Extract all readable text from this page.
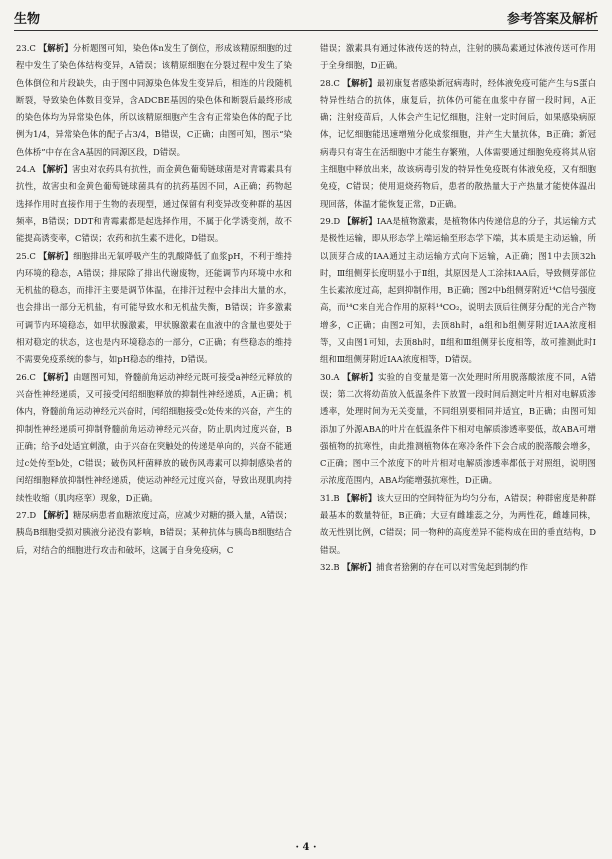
生物	参考答案及解析

23.C 【解析】分析题图可知，染色体n发生了倒位，形成该精原细胞的过程中发生了染色体结构变异，A错误；该精原细胞在分裂过程中发生了染色体倒位和片段缺失，由于图中同源染色体发生变异后，相连的片段随机断裂，导致染色体数目变异，含ADCBE基因的染色体和断裂后最终形成的染色体均为异常染色体，所以该精原细胞产生含有正常染色体的配子比例为1/4，异常染色体的配子占3/4，B错误，C正确；由图可知，图示“染色体桥”中存在含A基因的同源区段，D错误。

24.A 【解析】害虫对农药具有抗性，而金黄色葡萄链球菌是对青霉素具有抗性，故害虫和金黄色葡萄链球菌具有的抗药基因不同，A正确；药物起选择作用时直接作用于生物的表现型，通过保留有利变异改变种群的基因频率，B错误；DDT和青霉素都是起选择作用，不属于化学诱变剂，故不能提高诱变率，C错误；农药和抗生素不进化，D错误。

25.C 【解析】细胞排出无氧呼吸产生的乳酸降低了血浆pH，不利于维持内环境的稳态，A错误；排尿除了排出代谢废物，还能调节内环境中水和无机盐的稳态，而排汗主要是调节体温，在排汗过程中会排出大量的水，也会排出一部分无机盐，有可能导致水和无机盐失衡，B错误；许多激素可调节内环境稳态，如甲状腺激素，甲状腺激素在血液中的含量也要处于相对稳定的状态，这也是内环境稳态的一部分，C正确；有些稳态的维持不需要免疫系统的参与，如pH稳态的维持，D错误。

26.C 【解析】由题图可知，脊髓前角运动神经元既可接受a神经元释放的兴奋性神经递质，又可接受闰绍细胞释放的抑制性神经递质，A正确；机体内，脊髓前角运动神经元兴奋时，闰绍细胞接受c处传来的兴奋，产生的抑制性神经递质可抑制脊髓前角运动神经元兴奋，防止肌肉过度兴奋，B正确；给予d处适宜刺激，由于兴奋在突触处的传递是单向的，兴奋不能通过c处传至b处，C错误；破伤风杆菌释放的破伤风毒素可以抑制感染者的闰绍细胞释放抑制性神经递质，使运动神经元过度兴奋，导致出现肌肉持续性收缩（肌肉痉挛）现象，D正确。

27.D 【解析】糖尿病患者血糖浓度过高，应减少对糖的摄入量，A错误；胰岛B细胞受损对胰液分泌没有影响，B错误；某种抗体与胰岛B细胞结合后，对结合的细胞进行攻击和破坏，这属于自身免疫病，C

错误；激素具有通过体液传送的特点，注射的胰岛素通过体液传送可作用于全身细胞，D正确。

28.C 【解析】最初康复者感染新冠病毒时，经体液免疫可能产生与S蛋白特异性结合的抗体，康复后，抗体仍可能在血浆中存留一段时间，A正确；注射疫苗后，人体会产生记忆细胞，注射一定时间后，如果感染病原体，记忆细胞能迅速增殖分化成浆细胞，并产生大量抗体，B正确；新冠病毒只有寄生在活细胞中才能生存繁殖，人体需要通过细胞免疫将其从宿主细胞中释放出来，故该病毒引发的特异性免疫既有体液免疫，又有细胞免疫，C错误；使用退烧药物后，患者的散热量大于产热量才能使体温出现回落，体温才能恢复正常，D正确。

29.D 【解析】IAA是植物激素，是植物体内传递信息的分子，其运输方式是极性运输，即从形态学上端运输至形态学下端，其本质是主动运输，所以顶芽合成的IAA通过主动运输方式向下运输，A正确；图1中去顶32h时，Ⅲ组侧芽长度明显小于Ⅱ组，其原因是人工涂抹IAA后，导致侧芽部位生长素浓度过高，起到抑制作用，B正确；图2中b组侧芽附近¹⁴C信号强度高，而¹⁴C来自光合作用的原料¹⁴CO₂，说明去顶后往侧芽分配的光合产物增多，C正确；由图2可知，去顶8h时，a组和b组侧芽附近IAA浓度相等，又由图1可知，去顶8h时，Ⅱ组和Ⅲ组侧芽长度相等，故可推测此时Ⅰ组和Ⅲ组侧芽附近IAA浓度相等，D错误。

30.A 【解析】实验的自变量是第一次处理时所用脱落酸浓度不同，A错误；第二次将幼苗放入低温条件下放置一段时间后测定叶片相对电解质渗透率，处理时间为无关变量，不同组别要相同并适宜，B正确；由图可知添加了外源ABA的叶片在低温条件下相对电解质渗透率要低，故ABA可增强植物的抗寒性，由此推测植物体在寒冷条件下会合成的脱落酸会增多，C正确；图中三个浓度下的叶片相对电解质渗透率都低于对照组，说明图示浓度范围内，ABA均能增强抗寒性，D正确。

31.B 【解析】该大豆田的空间特征为均匀分布，A错误；种群密度是种群最基本的数量特征，B正确；大豆有雌雄蕊之分，为两性花，雌雄同株，故无性别比例，C错误；同一物种的高度差异不能构成在田的垂直结构，D错误。

32.B 【解析】捕食者猞猁的存在可以对雪兔起到制约作

· 4 ·
